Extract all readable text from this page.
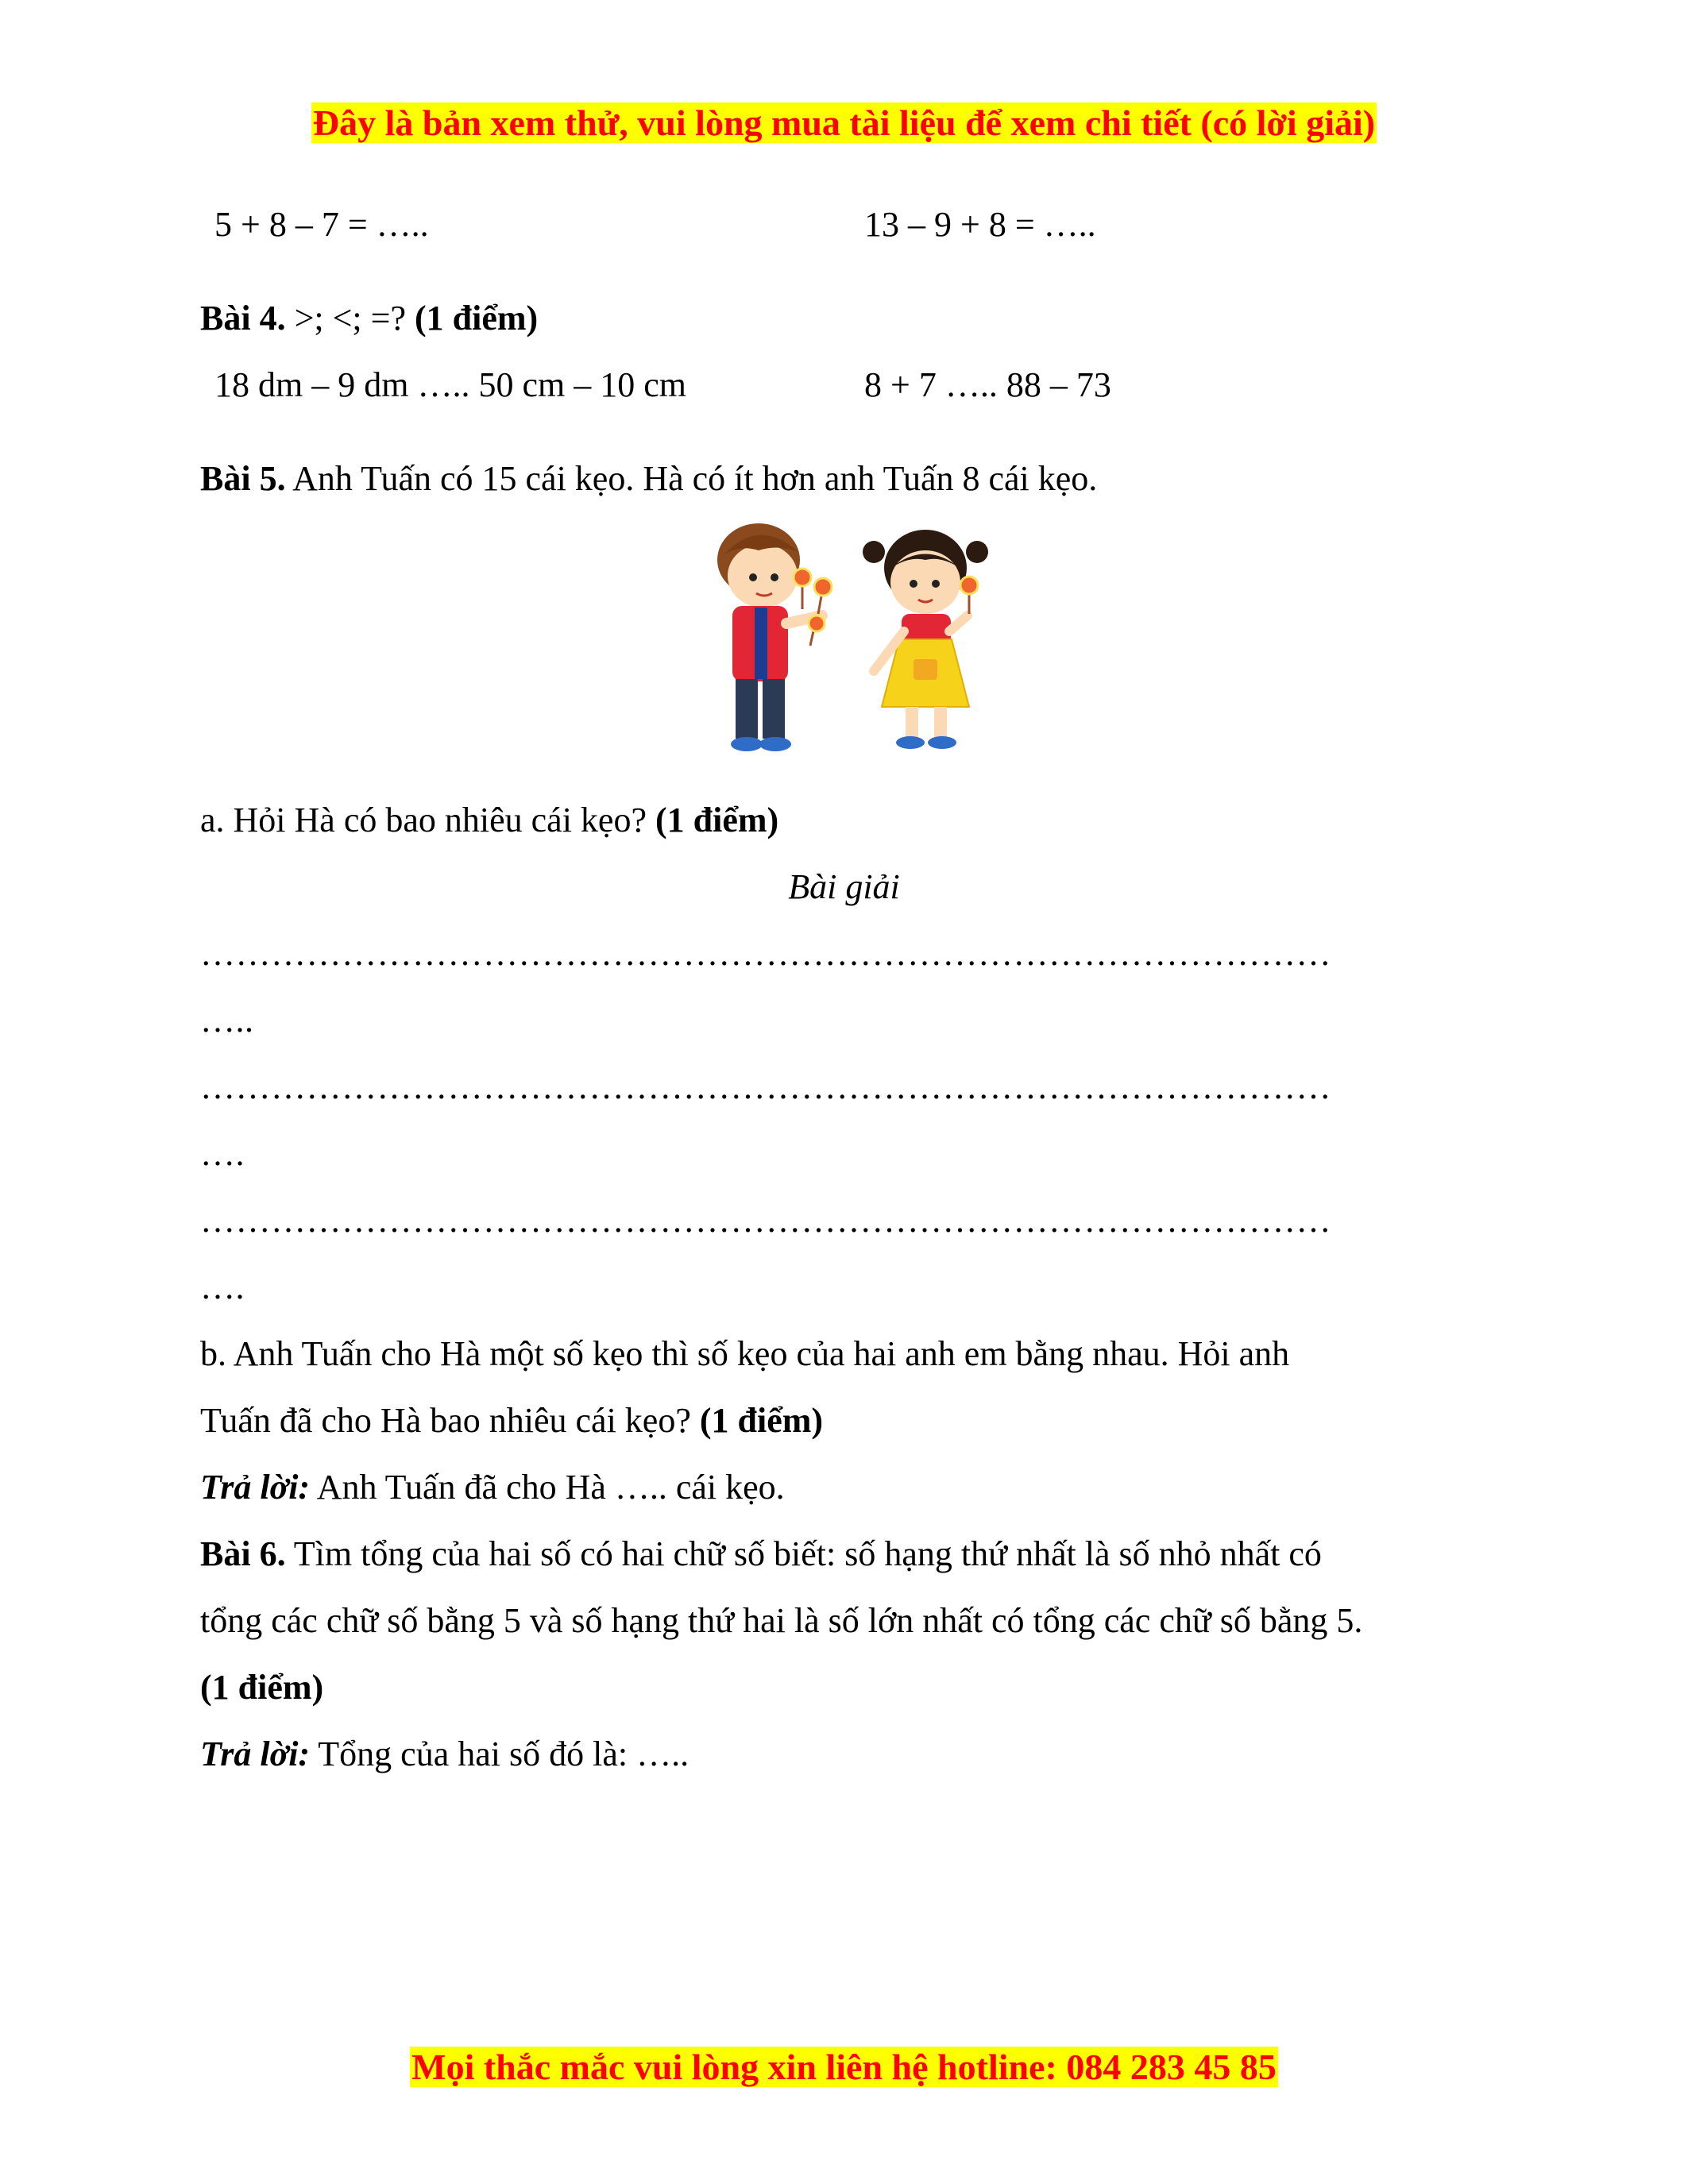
Đây là bản xem thử, vui lòng mua tài liệu để xem chi tiết (có lời giải)
5 + 8 – 7 = …..	13 – 9 + 8 = …..
Bài 4. >; <; =? (1 điểm)
18 dm – 9 dm ….. 50 cm – 10 cm	8 + 7 ….. 88 – 73
Bài 5. Anh Tuấn có 15 cái kẹo. Hà có ít hơn anh Tuấn 8 cái kẹo.
a. Hỏi Hà có bao nhiêu cái kẹo? (1 điểm)
Bài giải
……………………………………………………………………………………
…..
……………………………………………………………………………………
….
……………………………………………………………………………………
….
b. Anh Tuấn cho Hà một số kẹo thì số kẹo của hai anh em bằng nhau. Hỏi anh
Tuấn đã cho Hà bao nhiêu cái kẹo? (1 điểm)
Trả lời: Anh Tuấn đã cho Hà ….. cái kẹo.
Bài 6. Tìm tổng của hai số có hai chữ số biết: số hạng thứ nhất là số nhỏ nhất có
tổng các chữ số bằng 5 và số hạng thứ hai là số lớn nhất có tổng các chữ số bằng 5.
(1 điểm)
Trả lời: Tổng của hai số đó là: …..
Mọi thắc mắc vui lòng xin liên hệ hotline: 084 283 45 85
